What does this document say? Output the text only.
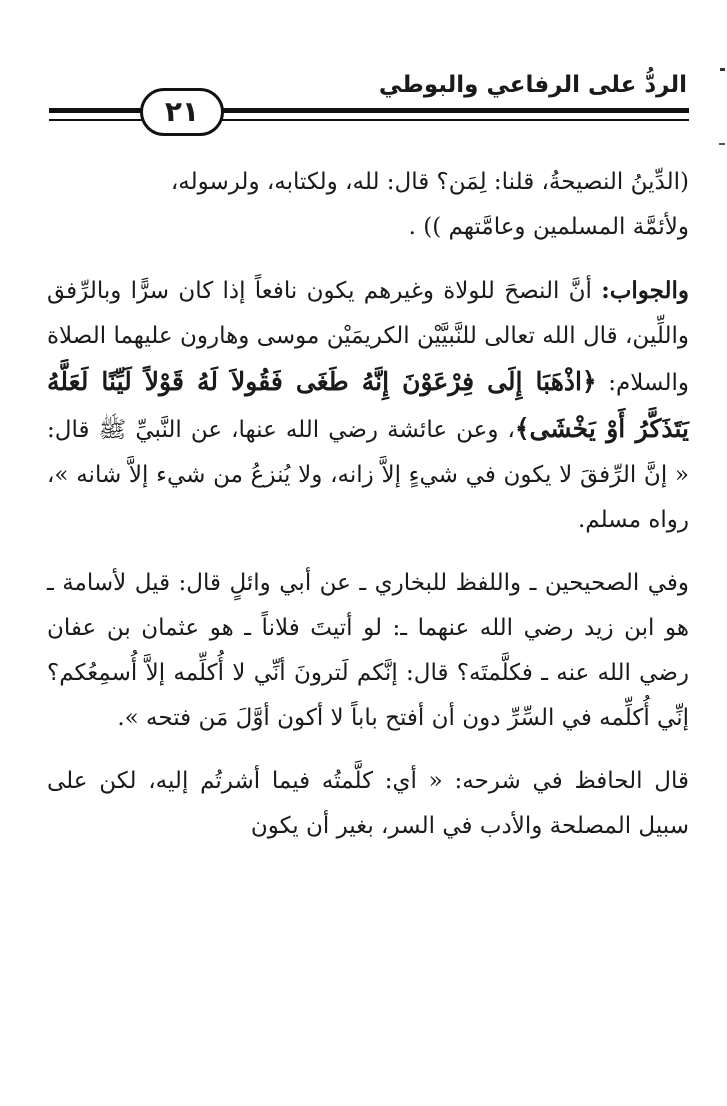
الردُّ على الرفاعي والبوطي
٢١

(الدِّينُ النصيحةُ، قلنا: لِمَن؟ قال: لله، ولكتابه، ولرسوله،
ولأئمَّة المسلمين وعامَّتهم )) .

والجواب: أنَّ النصحَ للولاة وغيرهم يكون نافعاً إذا كان سرًّا وبالرِّفق واللِّين، قال الله تعالى للنَّبيَّيْن الكريمَيْن موسى وهارون عليهما الصلاة والسلام: ﴿اذْهَبَا إِلَى فِرْعَوْنَ إِنَّهُ طَغَى فَقُولاَ لَهُ قَوْلاً لَيِّنًا لَعَلَّهُ يَتَذَكَّرُ أَوْ يَخْشَى﴾، وعن عائشة رضي الله عنها، عن النَّبيِّ ﷺ قال: « إنَّ الرِّفقَ لا يكون في شيءٍ إلاَّ زانه، ولا يُنزعُ من شيء إلاَّ شانه »، رواه مسلم.

وفي الصحيحين ـ واللفظ للبخاري ـ عن أبي وائلٍ قال: قيل لأسامة ـ هو ابن زيد رضي الله عنهما ـ: لو أتيتَ فلاناً ـ هو عثمان بن عفان رضي الله عنه ـ فكلَّمتَه؟ قال: إنَّكم لَترونَ أنِّي لا أُكلِّمه إلاَّ أُسمِعُكم؟ إنِّي أُكلِّمه في السِّرِّ دون أن أفتح باباً لا أكون أوَّلَ مَن فتحه ».

قال الحافظ في شرحه: « أي: كلَّمتُه فيما أشرتُم إليه، لكن على سبيل المصلحة والأدب في السر، بغير أن يكون
